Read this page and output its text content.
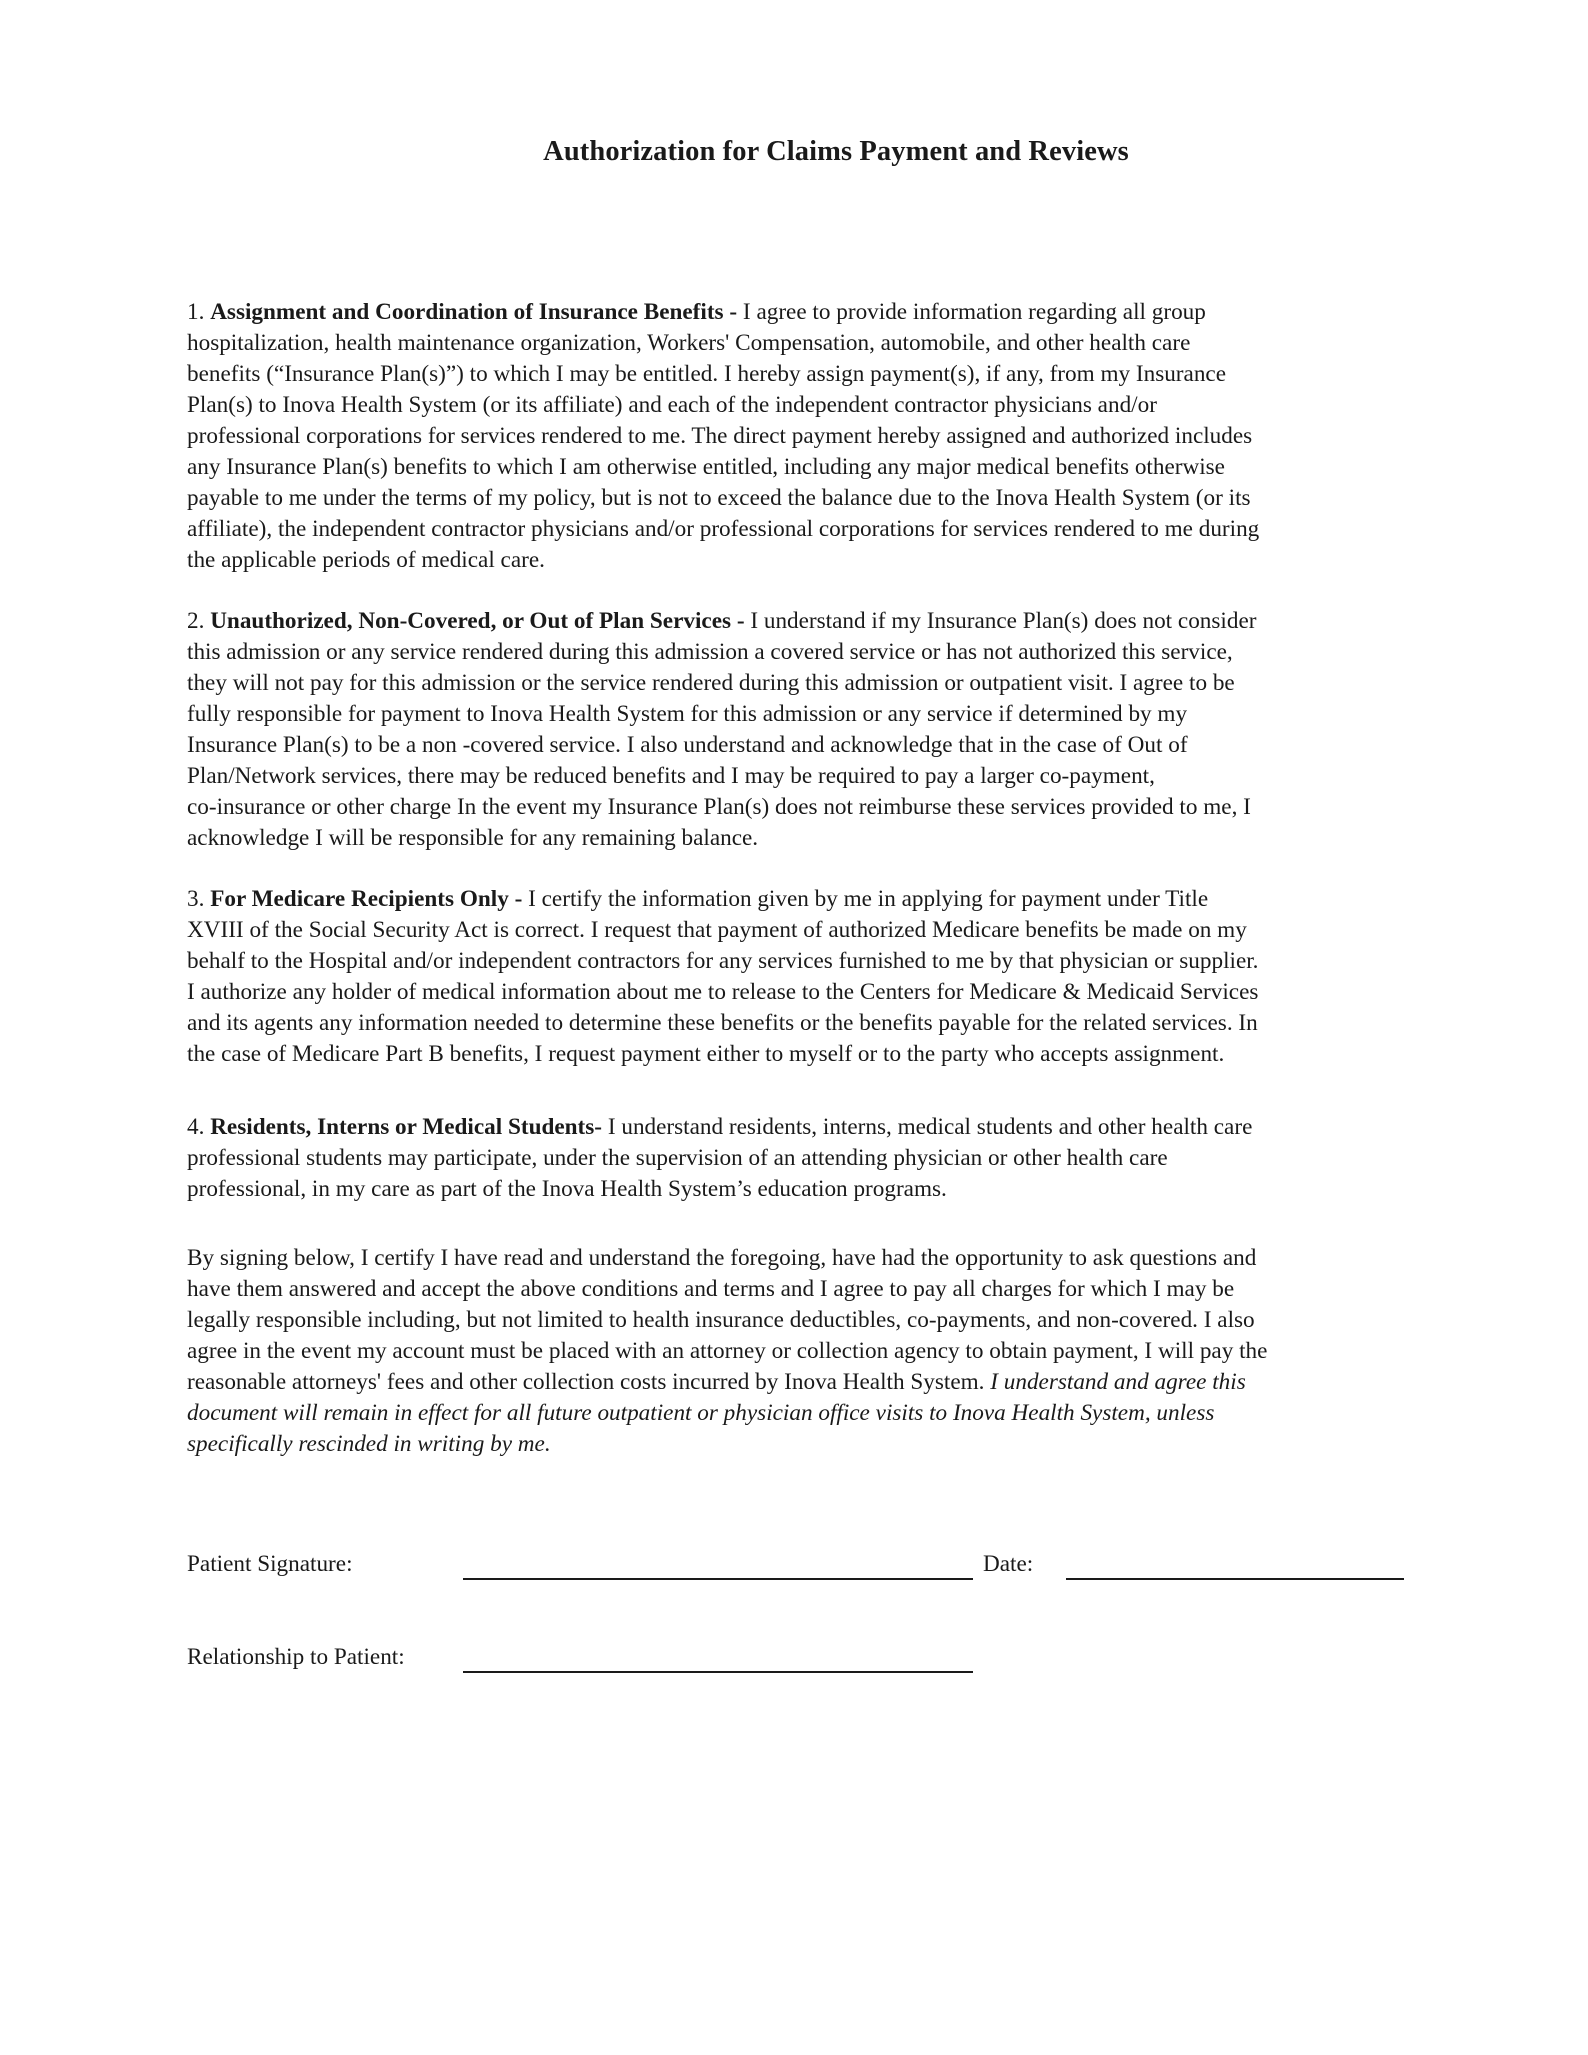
Authorization for Claims Payment and Reviews
1. Assignment and Coordination of Insurance Benefits - I agree to provide information regarding all group
hospitalization, health maintenance organization, Workers' Compensation, automobile, and other health care
benefits (“Insurance Plan(s)”) to which I may be entitled. I hereby assign payment(s), if any, from my Insurance
Plan(s) to Inova Health System (or its affiliate) and each of the independent contractor physicians and/or
professional corporations for services rendered to me. The direct payment hereby assigned and authorized includes
any Insurance Plan(s) benefits to which I am otherwise entitled, including any major medical benefits otherwise
payable to me under the terms of my policy, but is not to exceed the balance due to the Inova Health System (or its
affiliate), the independent contractor physicians and/or professional corporations for services rendered to me during
the applicable periods of medical care.
2. Unauthorized, Non-Covered, or Out of Plan Services - I understand if my Insurance Plan(s) does not consider
this admission or any service rendered during this admission a covered service or has not authorized this service,
they will not pay for this admission or the service rendered during this admission or outpatient visit. I agree to be
fully responsible for payment to Inova Health System for this admission or any service if determined by my
Insurance Plan(s) to be a non -covered service. I also understand and acknowledge that in the case of Out of
Plan/Network services, there may be reduced benefits and I may be required to pay a larger co-payment,
co-insurance or other charge In the event my Insurance Plan(s) does not reimburse these services provided to me, I
acknowledge I will be responsible for any remaining balance.
3. For Medicare Recipients Only - I certify the information given by me in applying for payment under Title
XVIII of the Social Security Act is correct. I request that payment of authorized Medicare benefits be made on my
behalf to the Hospital and/or independent contractors for any services furnished to me by that physician or supplier.
I authorize any holder of medical information about me to release to the Centers for Medicare & Medicaid Services
and its agents any information needed to determine these benefits or the benefits payable for the related services. In
the case of Medicare Part B benefits, I request payment either to myself or to the party who accepts assignment.
4. Residents, Interns or Medical Students- I understand residents, interns, medical students and other health care
professional students may participate, under the supervision of an attending physician or other health care
professional, in my care as part of the Inova Health System’s education programs.
By signing below, I certify I have read and understand the foregoing, have had the opportunity to ask questions and
have them answered and accept the above conditions and terms and I agree to pay all charges for which I may be
legally responsible including, but not limited to health insurance deductibles, co-payments, and non-covered. I also
agree in the event my account must be placed with an attorney or collection agency to obtain payment, I will pay the
reasonable attorneys' fees and other collection costs incurred by Inova Health System. I understand and agree this
document will remain in effect for all future outpatient or physician office visits to Inova Health System, unless
specifically rescinded in writing by me.
Patient Signature:	Date:
Relationship to Patient:
